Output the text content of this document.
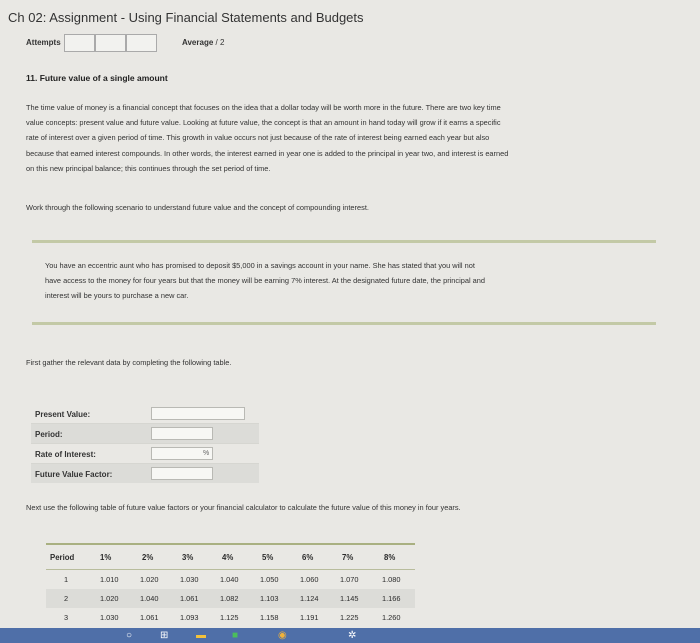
Ch 02: Assignment - Using Financial Statements and Budgets
Attempts	Average / 2
11. Future value of a single amount
The time value of money is a financial concept that focuses on the idea that a dollar today will be worth more in the future. There are two key time
value concepts: present value and future value. Looking at future value, the concept is that an amount in hand today will grow if it earns a specific
rate of interest over a given period of time. This growth in value occurs not just because of the rate of interest being earned each year but also
because that earned interest compounds. In other words, the interest earned in year one is added to the principal in year two, and interest is earned
on this new principal balance; this continues through the set period of time.
Work through the following scenario to understand future value and the concept of compounding interest.
You have an eccentric aunt who has promised to deposit $5,000 in a savings account in your name. She has stated that you will not
have access to the money for four years but that the money will be earning 7% interest. At the designated future date, the principal and
interest will be yours to purchase a new car.
First gather the relevant data by completing the following table.
Present Value:
Period:
Rate of Interest:	%
Future Value Factor:
Next use the following table of future value factors or your financial calculator to calculate the future value of this money in four years.
Period	1%	2%	3%	4%	5%	6%	7%	8%
1	1.010	1.020	1.030	1.040	1.050	1.060	1.070	1.080
2	1.020	1.040	1.061	1.082	1.103	1.124	1.145	1.166
3	1.030	1.061	1.093	1.125	1.158	1.191	1.225	1.260
○	⊞	▬	■	◉	✲
